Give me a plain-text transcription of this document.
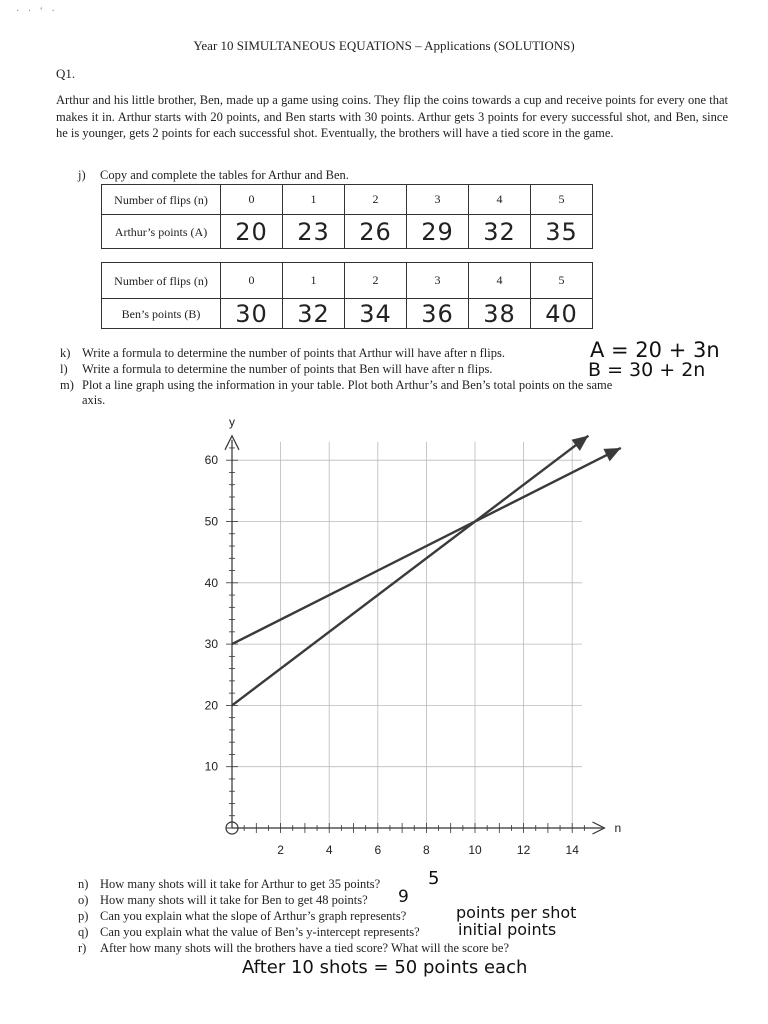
· · ‘ ·
Year 10 SIMULTANEOUS EQUATIONS – Applications (SOLUTIONS)
Q1.
Arthur and his little brother, Ben, made up a game using coins. They flip the coins towards a cup and receive points for every one that makes it in. Arthur starts with 20 points, and Ben starts with 30 points. Arthur gets 3 points for every successful shot, and Ben, since he is younger, gets 2 points for each successful shot. Eventually, the brothers will have a tied score in the game.
j) Copy and complete the tables for Arthur and Ben.
Number of flips (n)	0	1	2	3	4	5
Arthur’s points (A)	20	23	26	29	32	35
Number of flips (n)	0	1	2	3	4	5
Ben’s points (B)	30	32	34	36	38	40
k) Write a formula to determine the number of points that Arthur will have after n flips.	A = 20 + 3n
l) Write a formula to determine the number of points that Ben will have after n flips.	B = 30 + 2n
m) Plot a line graph using the information in your table. Plot both Arthur’s and Ben’s total points on the same
axis.
y
n
2	4	6	8	10	12	14
10
20
30
40
50
60
n) How many shots will it take for Arthur to get 35 points?	5
o) How many shots will it take for Ben to get 48 points? 9
p) Can you explain what the slope of Arthur’s graph represents?	points per shot
q) Can you explain what the value of Ben’s y-intercept represents? initial points
r) After how many shots will the brothers have a tied score? What will the score be?
After 10 shots = 50 points each
